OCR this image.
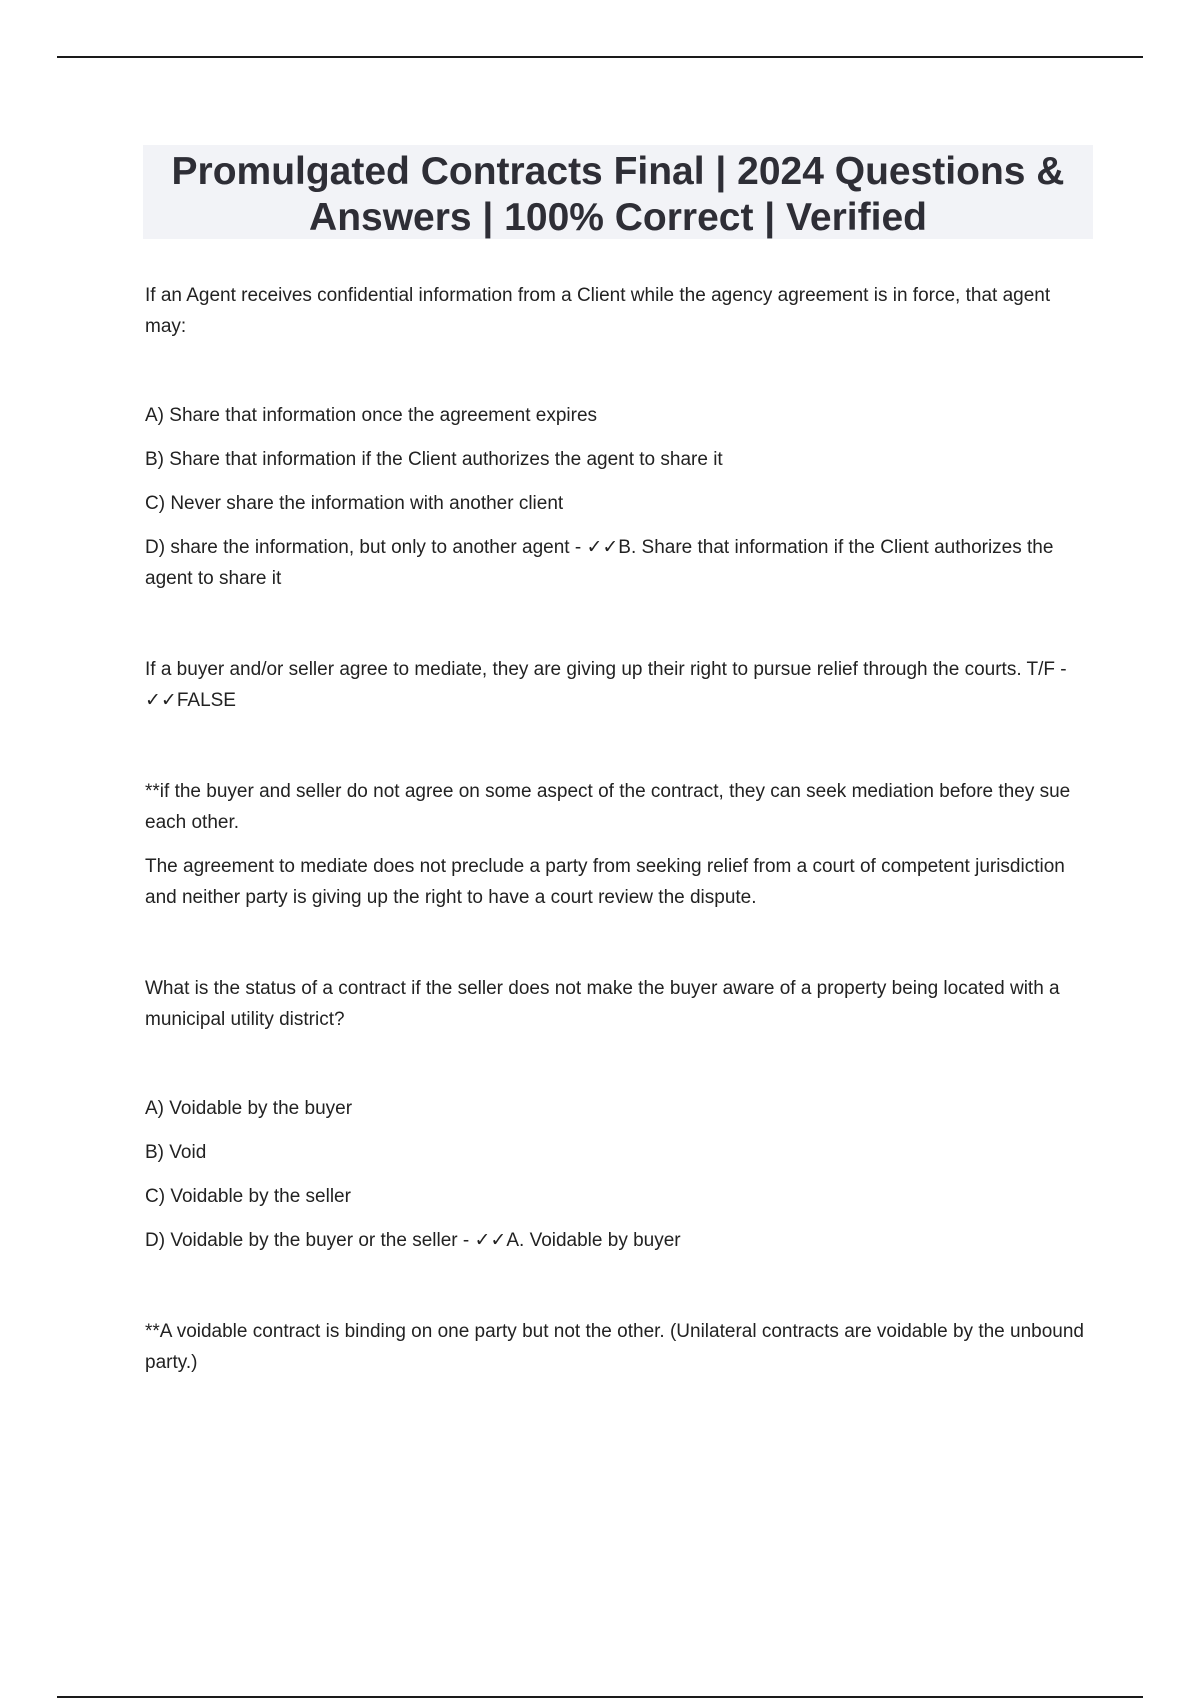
Promulgated Contracts Final | 2024 Questions &
Answers | 100% Correct | Verified

If an Agent receives confidential information from a Client while the agency agreement is in force, that agent may:

A) Share that information once the agreement expires

B) Share that information if the Client authorizes the agent to share it

C) Never share the information with another client

D) share the information, but only to another agent - ✓✓B. Share that information if the Client authorizes the agent to share it

If a buyer and/or seller agree to mediate, they are giving up their right to pursue relief through the courts. T/F - ✓✓FALSE

**if the buyer and seller do not agree on some aspect of the contract, they can seek mediation before they sue each other.

The agreement to mediate does not preclude a party from seeking relief from a court of competent jurisdiction and neither party is giving up the right to have a court review the dispute.

What is the status of a contract if the seller does not make the buyer aware of a property being located with a municipal utility district?

A) Voidable by the buyer

B) Void

C) Voidable by the seller

D) Voidable by the buyer or the seller - ✓✓A. Voidable by buyer

**A voidable contract is binding on one party but not the other. (Unilateral contracts are voidable by the unbound party.)
